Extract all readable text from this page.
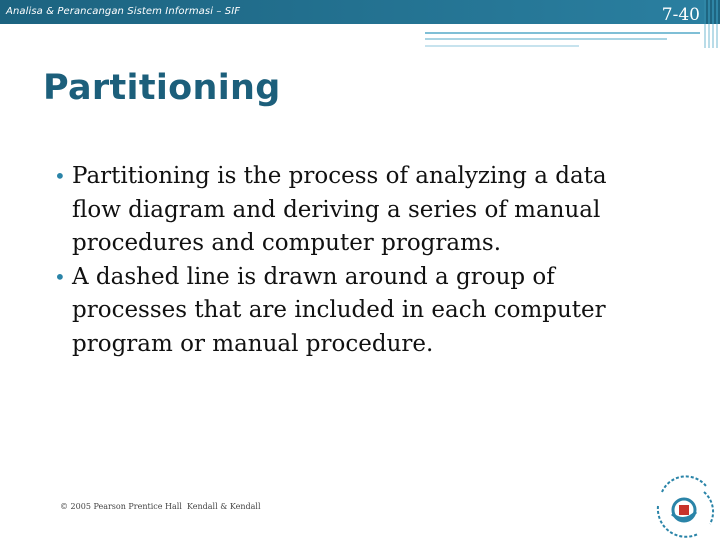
Analisa & Perancangan Sistem Informasi – SIF	7-40
Partitioning
• Partitioning is the process of analyzing a data flow diagram and deriving a series of manual procedures and computer programs.
• A dashed line is drawn around a group of processes that are included in each computer program or manual procedure.
© 2005 Pearson Prentice Hall Kendall & Kendall
